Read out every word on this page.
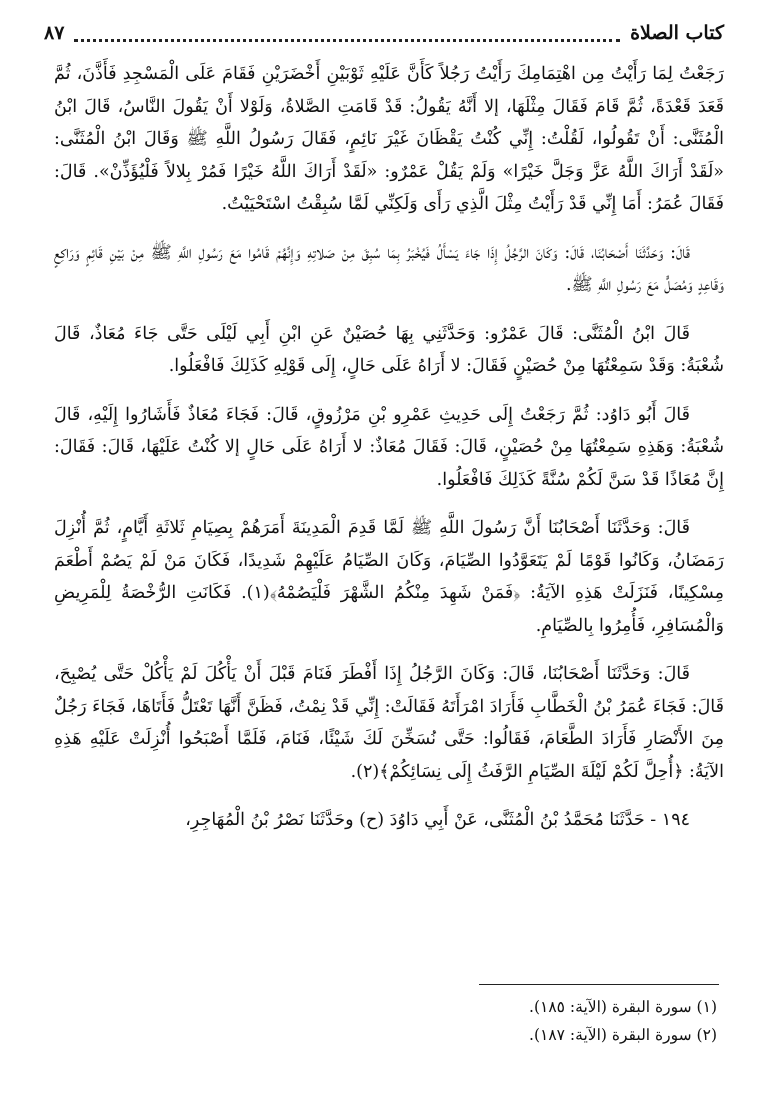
كتاب الصلاة
٨٧

رَجَعْتُ لِمَا رَأَيْتُ مِن اهْتِمَامِكَ رَأَيْتُ رَجُلاً كَأَنَّ عَلَيْهِ ثَوْبَيْنِ أَخْضَرَيْنِ فَقَامَ عَلَى الْمَسْجِدِ فَأَذَّنَ، ثُمَّ قَعَدَ قَعْدَةً، ثُمَّ قَامَ فَقَالَ مِثْلَهَا، إلا أَنَّهُ يَقُولُ: قَدْ قَامَتِ الصَّلاةُ، وَلَوْلا أَنْ يَقُولَ النَّاسُ، قَالَ ابْنُ الْمُثَنَّى: أَنْ تَقُولُوا، لَقُلْتُ: إِنِّي كُنْتُ يَقْظَانَ غَيْرَ نَائِمٍ، فَقَالَ رَسُولُ اللَّهِ ﷺ وَقَالَ ابْنُ الْمُثَنَّى: «لَقَدْ أَرَاكَ اللَّهُ عَزَّ وَجَلَّ خَيْرًا» وَلَمْ يَقُلْ عَمْرٌو: «لَقَدْ أَرَاكَ اللَّهُ خَيْرًا فَمُرْ بِلالاً فَلْيُؤَذِّنْ». قَالَ: فَقَالَ عُمَرُ: أَمَا إِنِّي قَدْ رَأَيْتُ مِثْلَ الَّذِي رَأَى وَلَكِنِّي لَمَّا سُبِقْتُ اسْتَحْيَيْتُ.

قَالَ: وَحَدَّثَنَا أَصْحَابُنَا، قَالَ: وَكَانَ الرَّجُلُ إِذَا جَاءَ يَسْأَلُ فَيُخْبَرُ بِمَا سُبِقَ مِنْ صَلاتِهِ وَإِنَّهُمْ قَامُوا مَعَ رَسُولِ اللَّهِ ﷺ مِنْ بَيْنِ قَائِمٍ وَرَاكِعٍ وَقَاعِدٍ وَمُصَلٍّ مَعَ رَسُولِ اللَّهِ ﷺ.

قَالَ ابْنُ الْمُثَنَّى: قَالَ عَمْرٌو: وَحَدَّثَنِي بِهَا حُصَيْنٌ عَنِ ابْنِ أَبِي لَيْلَى حَتَّى جَاءَ مُعَاذٌ، قَالَ شُعْبَةُ: وَقَدْ سَمِعْتُهَا مِنْ حُصَيْنٍ فَقَالَ: لا أَرَاهُ عَلَى حَالٍ، إِلَى قَوْلِهِ كَذَلِكَ فَافْعَلُوا.

قَالَ أَبُو دَاوُد: ثُمَّ رَجَعْتُ إِلَى حَدِيثِ عَمْرِو بْنِ مَرْزُوقٍ، قَالَ: فَجَاءَ مُعَاذٌ فَأَشَارُوا إِلَيْهِ، قَالَ شُعْبَةُ: وَهَذِهِ سَمِعْتُهَا مِنْ حُصَيْنٍ، قَالَ: فَقَالَ مُعَاذٌ: لا أَرَاهُ عَلَى حَالٍ إلا كُنْتُ عَلَيْهَا، قَالَ: فَقَالَ: إِنَّ مُعَاذًا قَدْ سَنَّ لَكُمْ سُنَّةً كَذَلِكَ فَافْعَلُوا.

قَالَ: وَحَدَّثَنَا أَصْحَابُنَا أَنَّ رَسُولَ اللَّهِ ﷺ لَمَّا قَدِمَ الْمَدِينَةَ أَمَرَهُمْ بِصِيَامِ ثَلاثَةِ أَيَّامٍ، ثُمَّ أُنْزِلَ رَمَضَانُ، وَكَانُوا قَوْمًا لَمْ يَتَعَوَّدُوا الصِّيَامَ، وَكَانَ الصِّيَامُ عَلَيْهِمْ شَدِيدًا، فَكَانَ مَنْ لَمْ يَصُمْ أَطْعَمَ مِسْكِينًا، فَنَزَلَتْ هَذِهِ الآيَةُ: ﴿فَمَنْ شَهِدَ مِنْكُمُ الشَّهْرَ فَلْيَصُمْهُ﴾(١). فَكَانَتِ الرُّخْصَةُ لِلْمَرِيضِ وَالْمُسَافِرِ، فَأُمِرُوا بِالصِّيَامِ.

قَالَ: وَحَدَّثَنَا أَصْحَابُنَا، قَالَ: وَكَانَ الرَّجُلُ إِذَا أَفْطَرَ فَنَامَ قَبْلَ أَنْ يَأْكُلَ لَمْ يَأْكُلْ حَتَّى يُصْبِحَ، قَالَ: فَجَاءَ عُمَرُ بْنُ الْخَطَّابِ فَأَرَادَ امْرَأَتَهُ فَقَالَتْ: إِنِّي قَدْ نِمْتُ، فَظَنَّ أَنَّهَا تَعْتَلُّ فَأَتَاهَا، فَجَاءَ رَجُلٌ مِنَ الأَنْصَارِ فَأَرَادَ الطَّعَامَ، فَقَالُوا: حَتَّى نُسَخِّنَ لَكَ شَيْئًا، فَنَامَ، فَلَمَّا أَصْبَحُوا أُنْزِلَتْ عَلَيْهِ هَذِهِ الآيَةُ: ﴿أُحِلَّ لَكُمْ لَيْلَةَ الصِّيَامِ الرَّفَثُ إِلَى نِسَائِكُمْ﴾(٢).

١٩٤ - حَدَّثَنَا مُحَمَّدُ بْنُ الْمُثَنَّى، عَنْ أَبِي دَاوُدَ (ح) وحَدَّثَنَا نَصْرُ بْنُ الْمُهَاجِرِ،

(١) سورة البقرة (الآية: ١٨٥).
(٢) سورة البقرة (الآية: ١٨٧).
